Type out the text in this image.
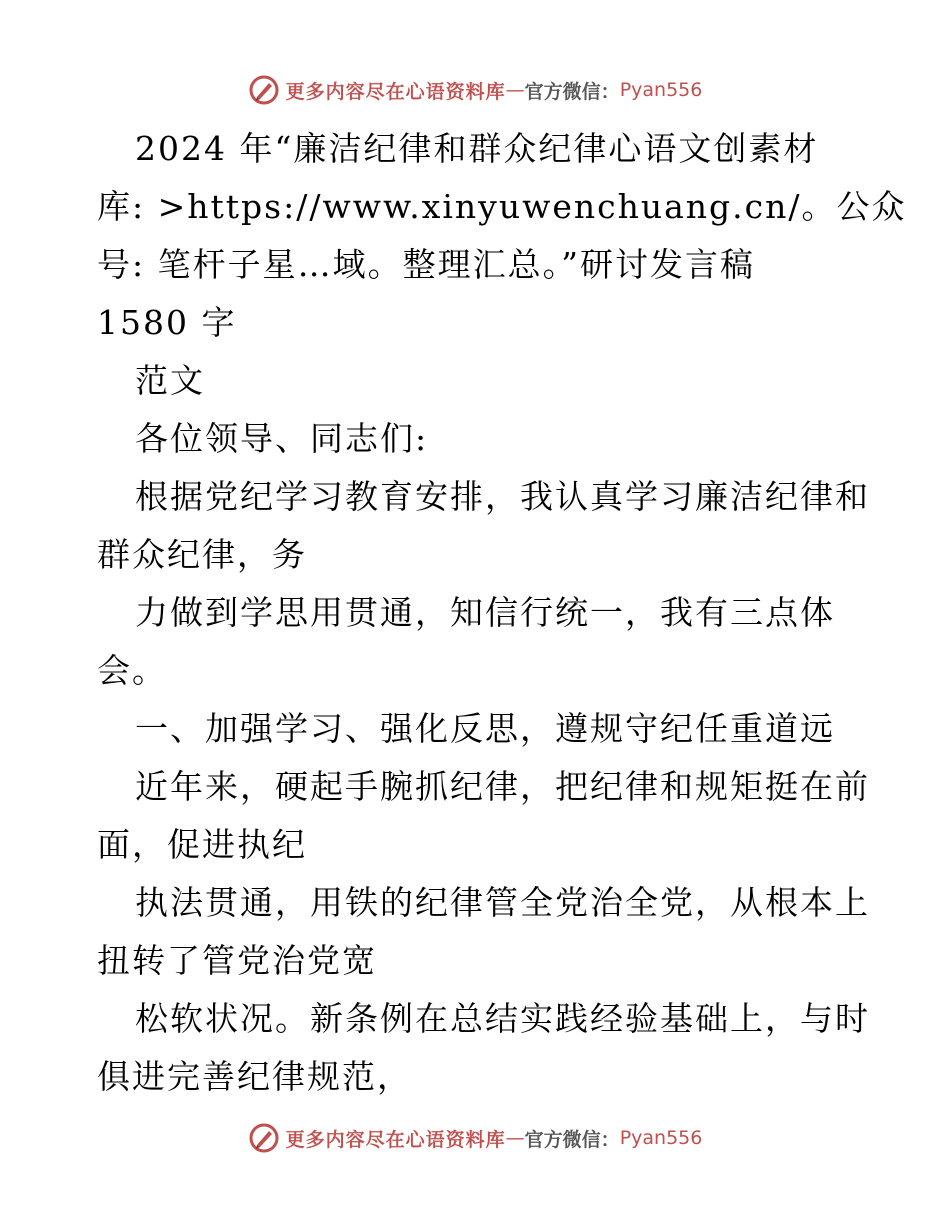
更多内容尽在心语资料库 — 官方微信： Pyan556
2024 年“廉洁纪律和群众纪律心语文创素材
库: >https://www.xinyuwenchuang.cn/。公众
号: 笔杆子星…域。整理汇总。”研讨发言稿
1580 字
范文
各位领导、同志们:
根据党纪学习教育安排，我认真学习廉洁纪律和
群众纪律，务
力做到学思用贯通，知信行统一，我有三点体
会。
一、加强学习、强化反思，遵规守纪任重道远
近年来，硬起手腕抓纪律，把纪律和规矩挺在前
面，促进执纪
执法贯通，用铁的纪律管全党治全党，从根本上
扭转了管党治党宽
松软状况。新条例在总结实践经验基础上，与时
俱进完善纪律规范，
更多内容尽在心语资料库 — 官方微信： Pyan556
